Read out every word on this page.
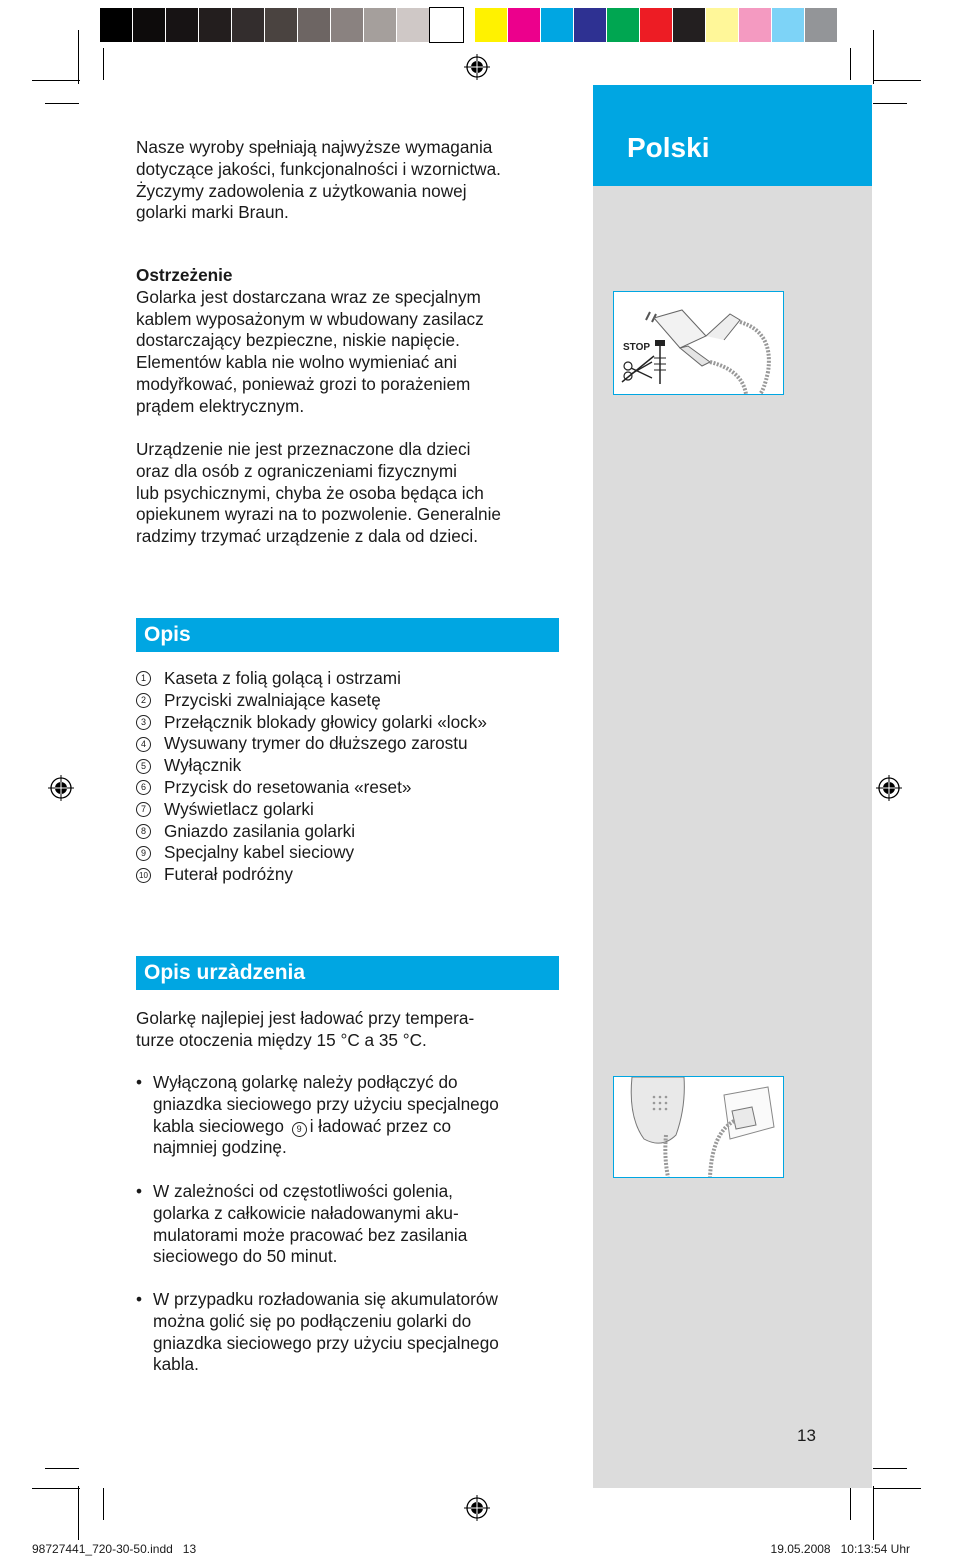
Polski
STOP
Nasze wyroby spełniają najwyższe wymagania
dotyczące jakości, funkcjonalności i wzornictwa.
Życzymy zadowolenia z użytkowania nowej
golarki marki Braun.
Ostrzeżenie
Golarka jest dostarczana wraz ze specjalnym
kablem wyposażonym w wbudowany zasilacz
dostarczający bezpieczne, niskie napięcie.
Elementów kabla nie wolno wymieniać ani
modyřkować, ponieważ grozi to porażeniem
prądem elektrycznym.
Urządzenie nie jest przeznaczone dla dzieci
oraz dla osób z ograniczeniami fizycznymi
lub psychicznymi, chyba że osoba będąca ich
opiekunem wyrazi na to pozwolenie. Generalnie
radzimy trzymać urządzenie z dala od dzieci.
Opis
1 Kaseta z folią golącą i ostrzami
2 Przyciski zwalniające kasetę
3 Przełącznik blokady głowicy golarki «lock»
4 Wysuwany trymer do dłuższego zarostu
5 Wyłącznik
6 Przycisk do resetowania «reset»
7 Wyświetlacz golarki
8 Gniazdo zasilania golarki
9 Specjalny kabel sieciowy
10 Futerał podróżny
Opis urzàdzenia
Golarkę najlepiej jest ładować przy tempera-
turze otoczenia między 15 °C a 35 °C.
• Wyłączoną golarkę należy podłączyć do
gniazdka sieciowego przy użyciu specjalnego
kabla sieciowego 9 i ładować przez co
najmniej godzinę.
• W zależności od częstotliwości golenia,
golarka z całkowicie naładowanymi aku-
mulatorami może pracować bez zasilania
sieciowego do 50 minut.
• W przypadku rozładowania się akumulatorów
można golić się po podłączeniu golarki do
gniazdka sieciowego przy użyciu specjalnego
kabla.
13
98727441_720-30-50.indd   13	19.05.2008   10:13:54 Uhr
